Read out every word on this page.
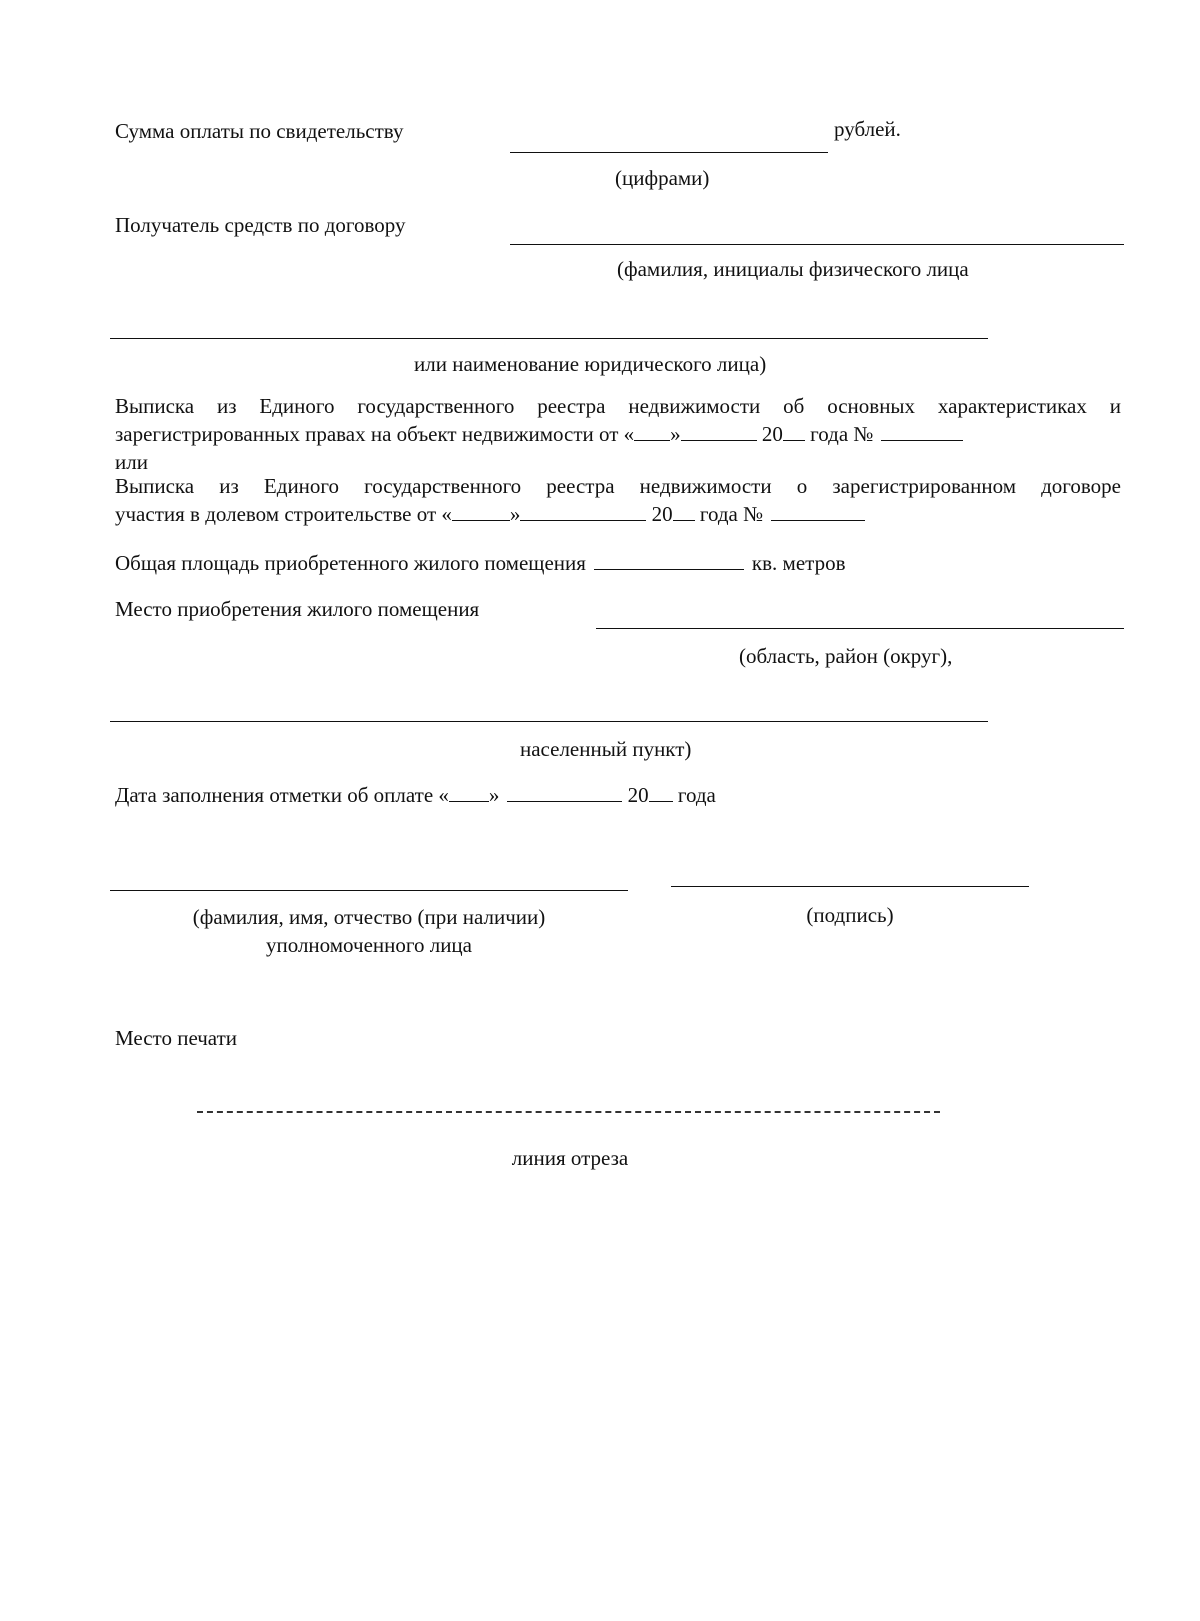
Сумма оплаты по свидетельству	рублей.
(цифрами)
Получатель средств по договору
(фамилия, инициалы физического лица
или наименование юридического лица)
Выписка из Единого государственного реестра недвижимости об основных характеристиках и
зарегистрированных правах на объект недвижимости от « »	20 года №
или
Выписка из Единого государственного реестра недвижимости о зарегистрированном договоре
участия в долевом строительстве от «	»	20 года №
Общая площадь приобретенного жилого помещения	кв. метров
Место приобретения жилого помещения
(область, район (округ),
населенный пункт)
Дата заполнения отметки об оплате « »	20 года
(фамилия, имя, отчество (при наличии)
уполномоченного лица
(подпись)
Место печати
линия отреза
